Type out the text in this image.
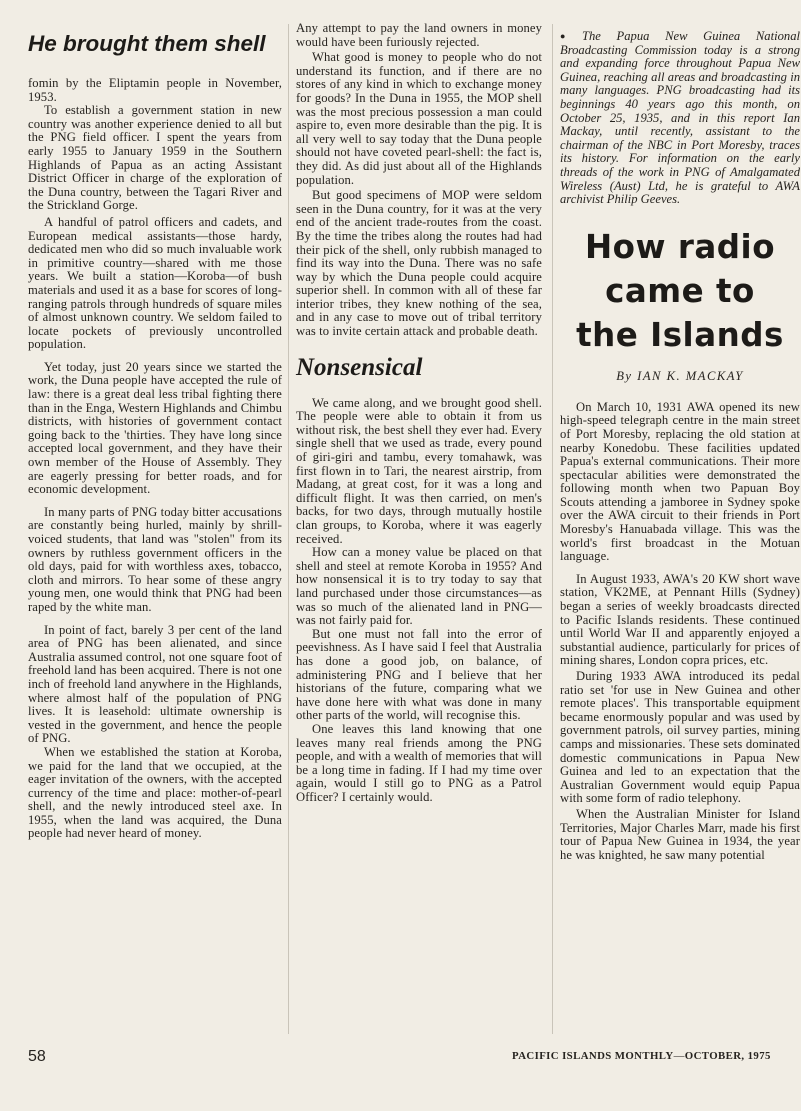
He brought them shell

fomin by the Eliptamin people in November, 1953.

To establish a government station in new country was another experience denied to all but the PNG field officer. I spent the years from early 1955 to January 1959 in the Southern Highlands of Papua as an acting Assistant District Officer in charge of the exploration of the Duna country, between the Tagari River and the Strickland Gorge.

A handful of patrol officers and cadets, and European medical assistants—those hardy, dedicated men who did so much invaluable work in primitive country—shared with me those years. We built a station—Koroba—of bush materials and used it as a base for scores of long-ranging patrols through hundreds of square miles of almost unknown country. We seldom failed to locate pockets of previously uncontrolled population.

Yet today, just 20 years since we started the work, the Duna people have accepted the rule of law: there is a great deal less tribal fighting there than in the Enga, Western Highlands and Chimbu districts, with histories of government contact going back to the 'thirties. They have long since accepted local government, and they have their own member of the House of Assembly. They are eagerly pressing for better roads, and for economic development.

In many parts of PNG today bitter accusations are constantly being hurled, mainly by shrill-voiced students, that land was "stolen" from its owners by ruthless government officers in the old days, paid for with worthless axes, tobacco, cloth and mirrors. To hear some of these angry young men, one would think that PNG had been raped by the white man.

In point of fact, barely 3 per cent of the land area of PNG has been alienated, and since Australia assumed control, not one square foot of freehold land has been acquired. There is not one inch of freehold land anywhere in the Highlands, where almost half of the population of PNG lives. It is leasehold: ultimate ownership is vested in the government, and hence the people of PNG.

When we established the station at Koroba, we paid for the land that we occupied, at the eager invitation of the owners, with the accepted currency of the time and place: mother-of-pearl shell, and the newly introduced steel axe. In 1955, when the land was acquired, the Duna people had never heard of money.

Any attempt to pay the land owners in money would have been furiously rejected.

What good is money to people who do not understand its function, and if there are no stores of any kind in which to exchange money for goods? In the Duna in 1955, the MOP shell was the most precious possession a man could aspire to, even more desirable than the pig. It is all very well to say today that the Duna people should not have coveted pearl-shell: the fact is, they did. As did just about all of the Highlands population.

But good specimens of MOP were seldom seen in the Duna country, for it was at the very end of the ancient trade-routes from the coast. By the time the tribes along the routes had had their pick of the shell, only rubbish managed to find its way into the Duna. There was no safe way by which the Duna people could acquire superior shell. In common with all of these far interior tribes, they knew nothing of the sea, and in any case to move out of tribal territory was to invite certain attack and probable death.

Nonsensical

We came along, and we brought good shell. The people were able to obtain it from us without risk, the best shell they ever had. Every single shell that we used as trade, every pound of giri-giri and tambu, every tomahawk, was first flown in to Tari, the nearest airstrip, from Madang, at great cost, for it was a long and difficult flight. It was then carried, on men's backs, for two days, through mutually hostile clan groups, to Koroba, where it was eagerly received.

How can a money value be placed on that shell and steel at remote Koroba in 1955? And how nonsensical it is to try today to say that land purchased under those circumstances—as was so much of the alienated land in PNG—was not fairly paid for.

But one must not fall into the error of peevishness. As I have said I feel that Australia has done a good job, on balance, of administering PNG and I believe that her historians of the future, comparing what we have done here with what was done in many other parts of the world, will recognise this.

One leaves this land knowing that one leaves many real friends among the PNG people, and with a wealth of memories that will be a long time in fading. If I had my time over again, would I still go to PNG as a Patrol Officer? I certainly would.

● The Papua New Guinea National Broadcasting Commission today is a strong and expanding force throughout Papua New Guinea, reaching all areas and broadcasting in many languages. PNG broadcasting had its beginnings 40 years ago this month, on October 25, 1935, and in this report Ian Mackay, until recently, assistant to the chairman of the NBC in Port Moresby, traces its history. For information on the early threads of the work in PNG of Amalgamated Wireless (Aust) Ltd, he is grateful to AWA archivist Philip Geeves.

How radio

came to

the Islands

By IAN K. MACKAY

On March 10, 1931 AWA opened its new high-speed telegraph centre in the main street of Port Moresby, replacing the old station at nearby Konedobu. These facilities updated Papua's external communications. Their more spectacular abilities were demonstrated the following month when two Papuan Boy Scouts attending a jamboree in Sydney spoke over the AWA circuit to their friends in Port Moresby's Hanuabada village. This was the world's first broadcast in the Motuan language.

In August 1933, AWA's 20 KW short wave station, VK2ME, at Pennant Hills (Sydney) began a series of weekly broadcasts directed to Pacific Islands residents. These continued until World War II and apparently enjoyed a substantial audience, particularly for prices of mining shares, London copra prices, etc.

During 1933 AWA introduced its pedal ratio set 'for use in New Guinea and other remote places'. This transportable equipment became enormously popular and was used by government patrols, oil survey parties, mining camps and missionaries. These sets dominated domestic communications in Papua New Guinea and led to an expectation that the Australian Government would equip Papua with some form of radio telephony.

When the Australian Minister for Island Territories, Major Charles Marr, made his first tour of Papua New Guinea in 1934, the year he was knighted, he saw many potential

58	PACIFIC ISLANDS MONTHLY—OCTOBER, 1975
